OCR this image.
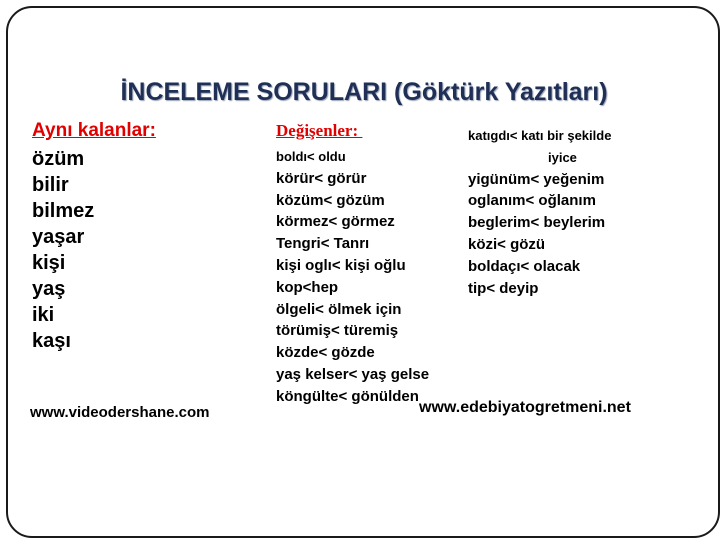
İNCELEME SORULARI (Göktürk Yazıtları)
Aynı kalanlar:
özüm
bilir
bilmez
yaşar
kişi
yaş
iki
kaşı
www.videodershane.com
Değişenler:
boldı< oldu
körür< görür
közüm< gözüm
körmez< görmez
Tengri< Tanrı
kişi oglı< kişi oğlu
kop<hep
ölgeli< ölmek için
törümiş< türemiş
közde< gözde
yaş kelser< yaş gelse
köngülte< gönülden
katıgdı< katı bir şekilde
iyice
yigünüm< yeğenim
oglanım< oğlanım
beglerim< beylerim
közi< gözü
boldaçı< olacak
tip< deyip
www.edebiyatogretmeni.net
